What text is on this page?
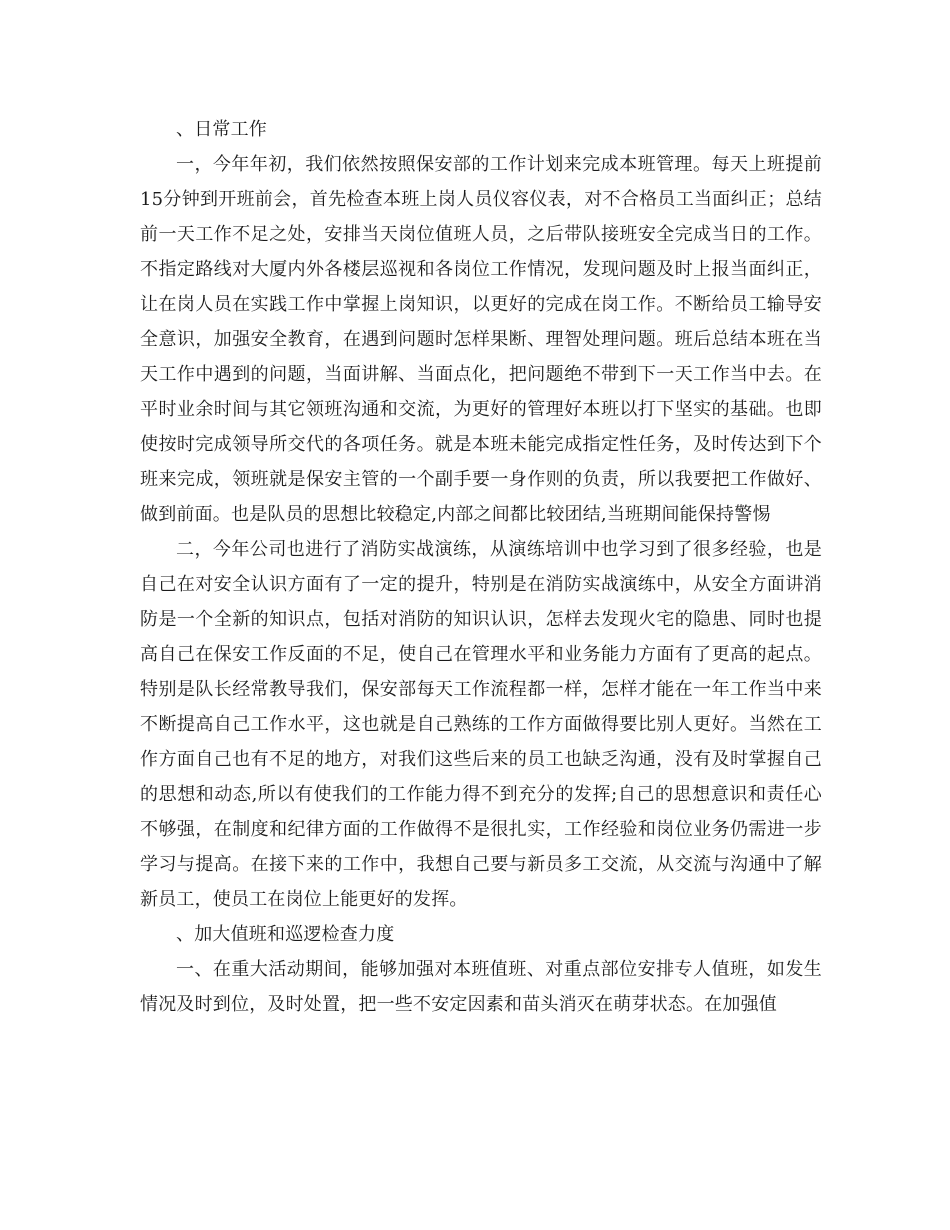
、日常工作

一，今年年初，我们依然按照保安部的工作计划来完成本班管理。每天上班提前15分钟到开班前会，首先检查本班上岗人员仪容仪表，对不合格员工当面纠正；总结前一天工作不足之处，安排当天岗位值班人员，之后带队接班安全完成当日的工作。不指定路线对大厦内外各楼层巡视和各岗位工作情况，发现问题及时上报当面纠正，让在岗人员在实践工作中掌握上岗知识，以更好的完成在岗工作。不断给员工输导安全意识，加强安全教育，在遇到问题时怎样果断、理智处理问题。班后总结本班在当天工作中遇到的问题，当面讲解、当面点化，把问题绝不带到下一天工作当中去。在平时业余时间与其它领班沟通和交流，为更好的管理好本班以打下坚实的基础。也即使按时完成领导所交代的各项任务。就是本班未能完成指定性任务，及时传达到下个班来完成，领班就是保安主管的一个副手要一身作则的负责，所以我要把工作做好、做到前面。也是队员的思想比较稳定,内部之间都比较团结,当班期间能保持警惕

二，今年公司也进行了消防实战演练，从演练培训中也学习到了很多经验，也是自己在对安全认识方面有了一定的提升，特别是在消防实战演练中，从安全方面讲消防是一个全新的知识点，包括对消防的知识认识，怎样去发现火宅的隐患、同时也提高自己在保安工作反面的不足，使自己在管理水平和业务能力方面有了更高的起点。特别是队长经常教导我们，保安部每天工作流程都一样，怎样才能在一年工作当中来不断提高自己工作水平，这也就是自己熟练的工作方面做得要比别人更好。当然在工作方面自己也有不足的地方，对我们这些后来的员工也缺乏沟通，没有及时掌握自己的思想和动态,所以有使我们的工作能力得不到充分的发挥;自己的思想意识和责任心不够强，在制度和纪律方面的工作做得不是很扎实，工作经验和岗位业务仍需进一步学习与提高。在接下来的工作中，我想自己要与新员多工交流，从交流与沟通中了解新员工，使员工在岗位上能更好的发挥。

、加大值班和巡逻检查力度

一、在重大活动期间，能够加强对本班值班、对重点部位安排专人值班，如发生情况及时到位，及时处置，把一些不安定因素和苗头消灭在萌芽状态。在加强值
